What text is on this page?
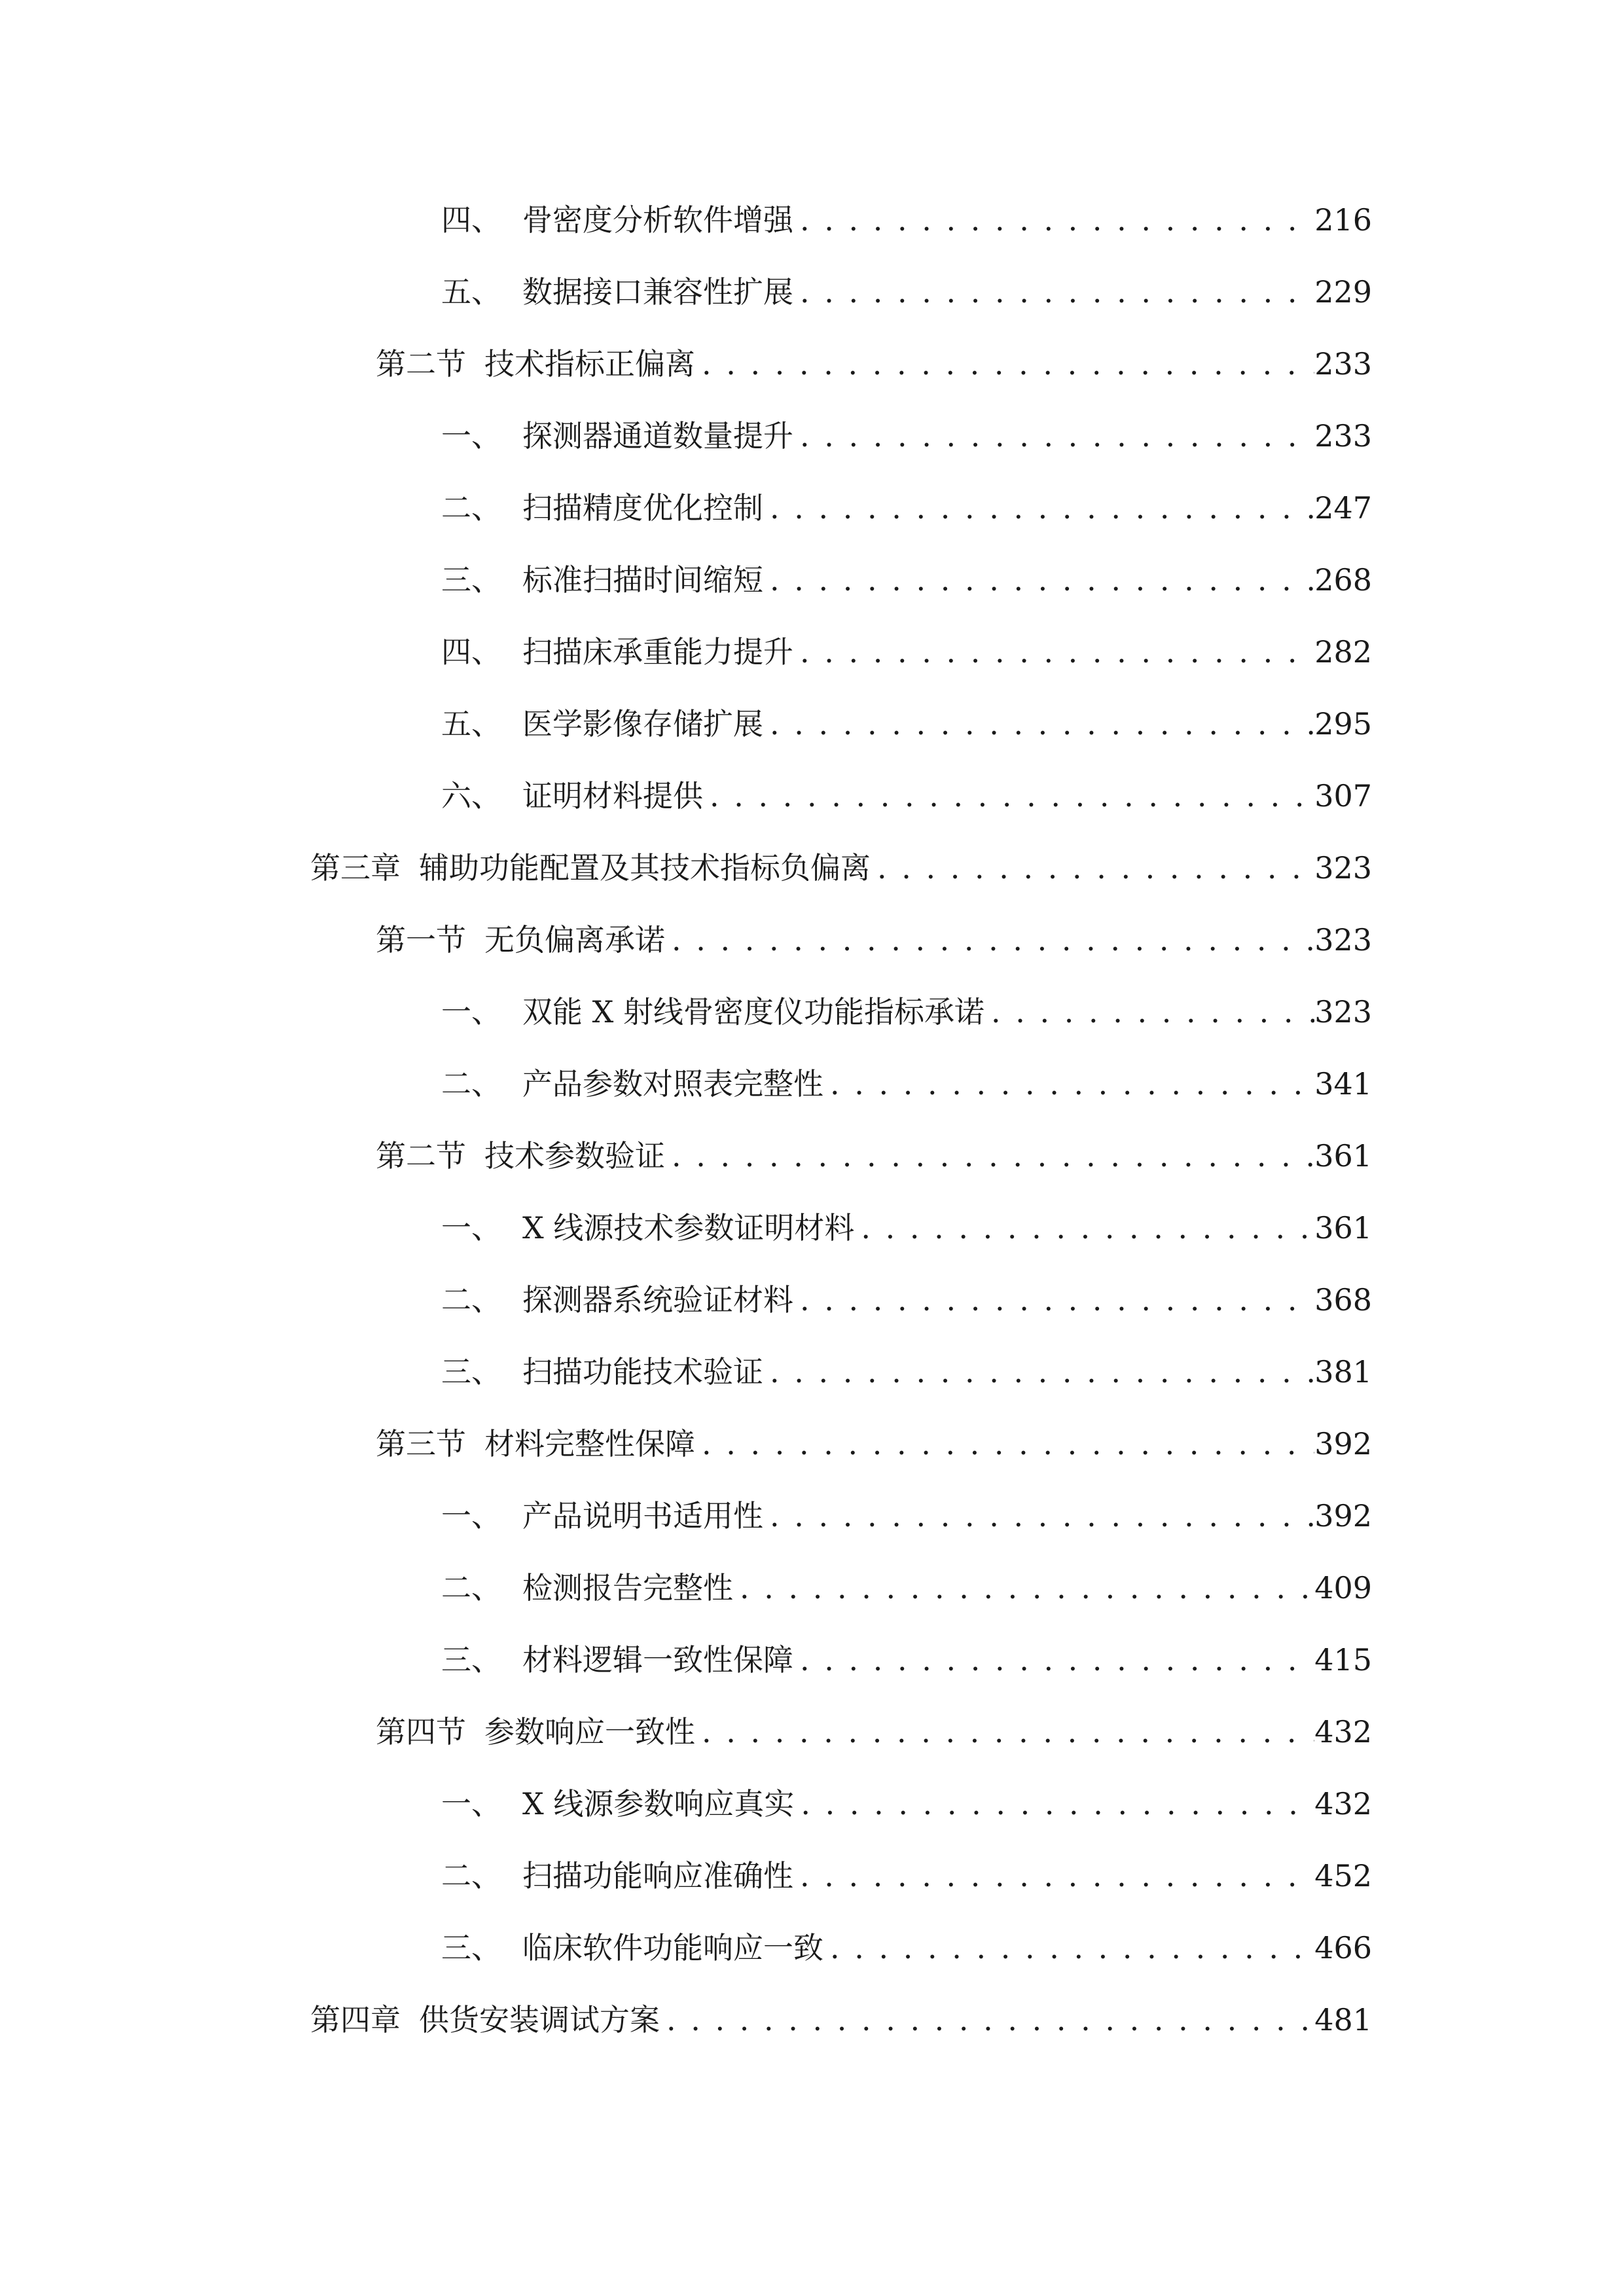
四、 骨密度分析软件增强 . . .	216
五、 数据接口兼容性扩展 . . .	229
第二节 技术指标正偏离 . . .	233
一、 探测器通道数量提升 . . .	233
二、 扫描精度优化控制 . . .	247
三、 标准扫描时间缩短 . . .	268
四、 扫描床承重能力提升 . . .	282
五、 医学影像存储扩展 . . .	295
六、 证明材料提供 . . .	307
第三章 辅助功能配置及其技术指标负偏离 . . .	323
第一节 无负偏离承诺 . . .	323
一、 双能 X 射线骨密度仪功能指标承诺 . . .	323
二、 产品参数对照表完整性 . . .	341
第二节 技术参数验证 . . .	361
一、 X 线源技术参数证明材料 . . .	361
二、 探测器系统验证材料 . . .	368
三、 扫描功能技术验证 . . .	381
第三节 材料完整性保障 . . .	392
一、 产品说明书适用性 . . .	392
二、 检测报告完整性 . . .	409
三、 材料逻辑一致性保障 . . .	415
第四节 参数响应一致性 . . .	432
一、 X 线源参数响应真实 . . .	432
二、 扫描功能响应准确性 . . .	452
三、 临床软件功能响应一致 . . .	466
第四章 供货安装调试方案 . . .	481
